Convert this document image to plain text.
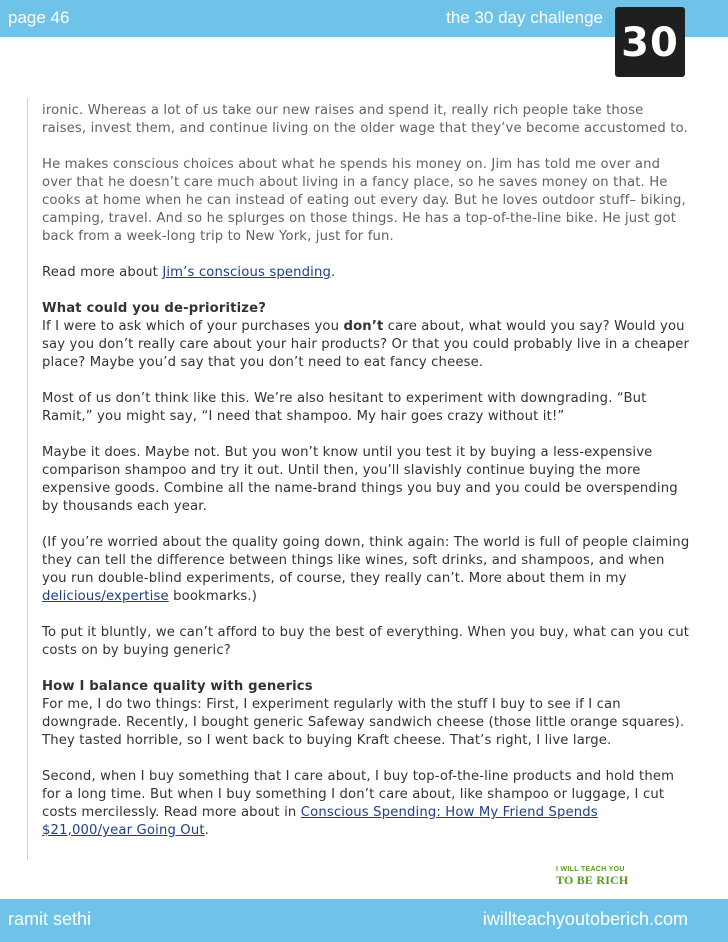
page 46	the 30 day challenge
30

ironic. Whereas a lot of us take our new raises and spend it, really rich people take those raises, invest them, and continue living on the older wage that they’ve become accustomed to.

He makes conscious choices about what he spends his money on. Jim has told me over and over that he doesn’t care much about living in a fancy place, so he saves money on that. He cooks at home when he can instead of eating out every day. But he loves outdoor stuff– biking, camping, travel. And so he splurges on those things. He has a top-of-the-line bike. He just got back from a week-long trip to New York, just for fun.

Read more about Jim’s conscious spending.

What could you de-prioritize?
If I were to ask which of your purchases you don’t care about, what would you say? Would you say you don’t really care about your hair products? Or that you could probably live in a cheaper place? Maybe you’d say that you don’t need to eat fancy cheese.

Most of us don’t think like this. We’re also hesitant to experiment with downgrading. “But Ramit,” you might say, “I need that shampoo. My hair goes crazy without it!”

Maybe it does. Maybe not. But you won’t know until you test it by buying a less-expensive comparison shampoo and try it out. Until then, you’ll slavishly continue buying the more expensive goods. Combine all the name-brand things you buy and you could be overspending by thousands each year.

(If you’re worried about the quality going down, think again: The world is full of people claiming they can tell the difference between things like wines, soft drinks, and shampoos, and when you run double-blind experiments, of course, they really can’t. More about them in my delicious/expertise bookmarks.)

To put it bluntly, we can’t afford to buy the best of everything. When you buy, what can you cut costs on by buying generic?

How I balance quality with generics
For me, I do two things: First, I experiment regularly with the stuff I buy to see if I can downgrade. Recently, I bought generic Safeway sandwich cheese (those little orange squares). They tasted horrible, so I went back to buying Kraft cheese. That’s right, I live large.

Second, when I buy something that I care about, I buy top-of-the-line products and hold them for a long time. But when I buy something I don’t care about, like shampoo or luggage, I cut costs mercilessly. Read more about in Conscious Spending: How My Friend Spends $21,000/year Going Out.

I WILL TEACH YOU
TO BE RICH
ramit sethi	iwillteachyoutoberich.com
